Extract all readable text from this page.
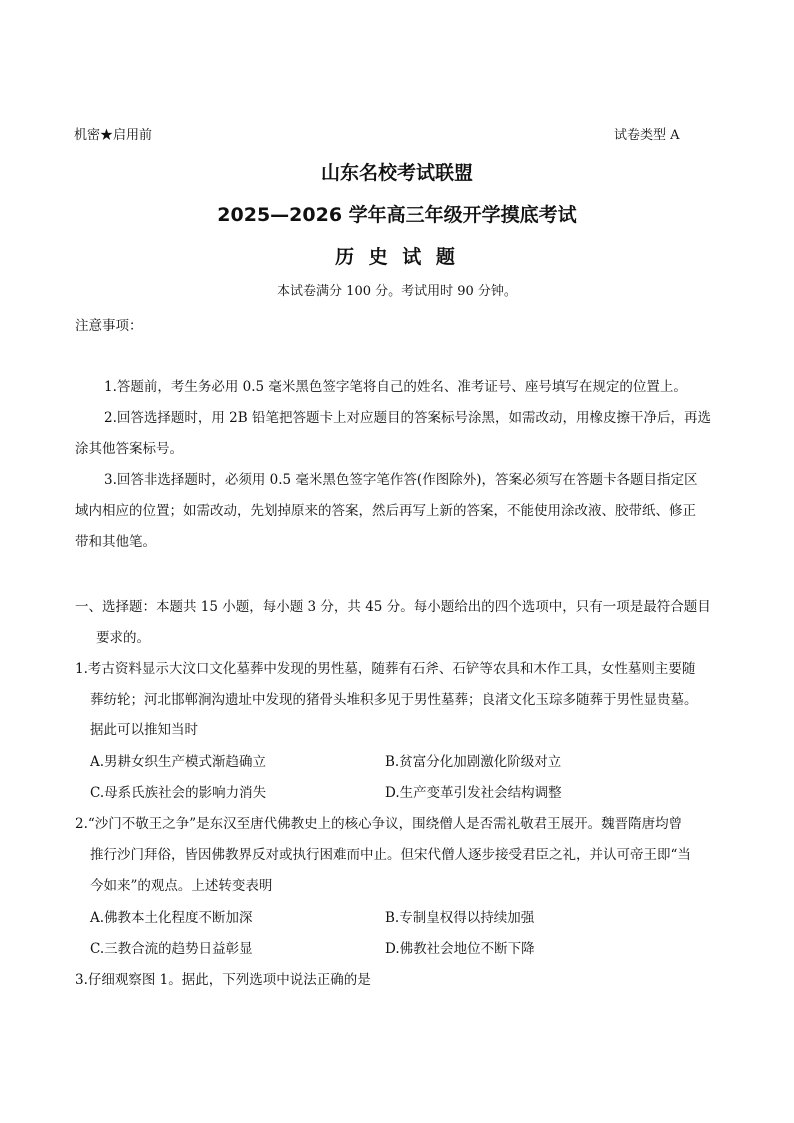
机密★启用前	试卷类型 A
山东名校考试联盟
2025—2026 学年高三年级开学摸底考试
历 史 试 题
本试卷满分 100 分。考试用时 90 分钟。
注意事项：
1.答题前，考生务必用 0.5 毫米黑色签字笔将自己的姓名、准考证号、座号填写在规定的位置上。
2.回答选择题时，用 2B 铅笔把答题卡上对应题目的答案标号涂黑，如需改动，用橡皮擦干净后，再选
涂其他答案标号。
3.回答非选择题时，必须用 0.5 毫米黑色签字笔作答(作图除外)，答案必须写在答题卡各题目指定区
域内相应的位置；如需改动，先划掉原来的答案，然后再写上新的答案，不能使用涂改液、胶带纸、修正
带和其他笔。
一、选择题：本题共 15 小题，每小题 3 分，共 45 分。每小题给出的四个选项中，只有一项是最符合题目
要求的。
1.考古资料显示大汶口文化墓葬中发现的男性墓，随葬有石斧、石铲等农具和木作工具，女性墓则主要随
葬纺轮；河北邯郸涧沟遗址中发现的猪骨头堆积多见于男性墓葬；良渚文化玉琮多随葬于男性显贵墓。
据此可以推知当时
A.男耕女织生产模式渐趋确立	B.贫富分化加剧激化阶级对立
C.母系氏族社会的影响力消失	D.生产变革引发社会结构调整
2.“沙门不敬王之争”是东汉至唐代佛教史上的核心争议，围绕僧人是否需礼敬君王展开。魏晋隋唐均曾
推行沙门拜俗，皆因佛教界反对或执行困难而中止。但宋代僧人逐步接受君臣之礼，并认可帝王即“当
今如来”的观点。上述转变表明
A.佛教本土化程度不断加深	B.专制皇权得以持续加强
C.三教合流的趋势日益彰显	D.佛教社会地位不断下降
3.仔细观察图 1。据此，下列选项中说法正确的是
